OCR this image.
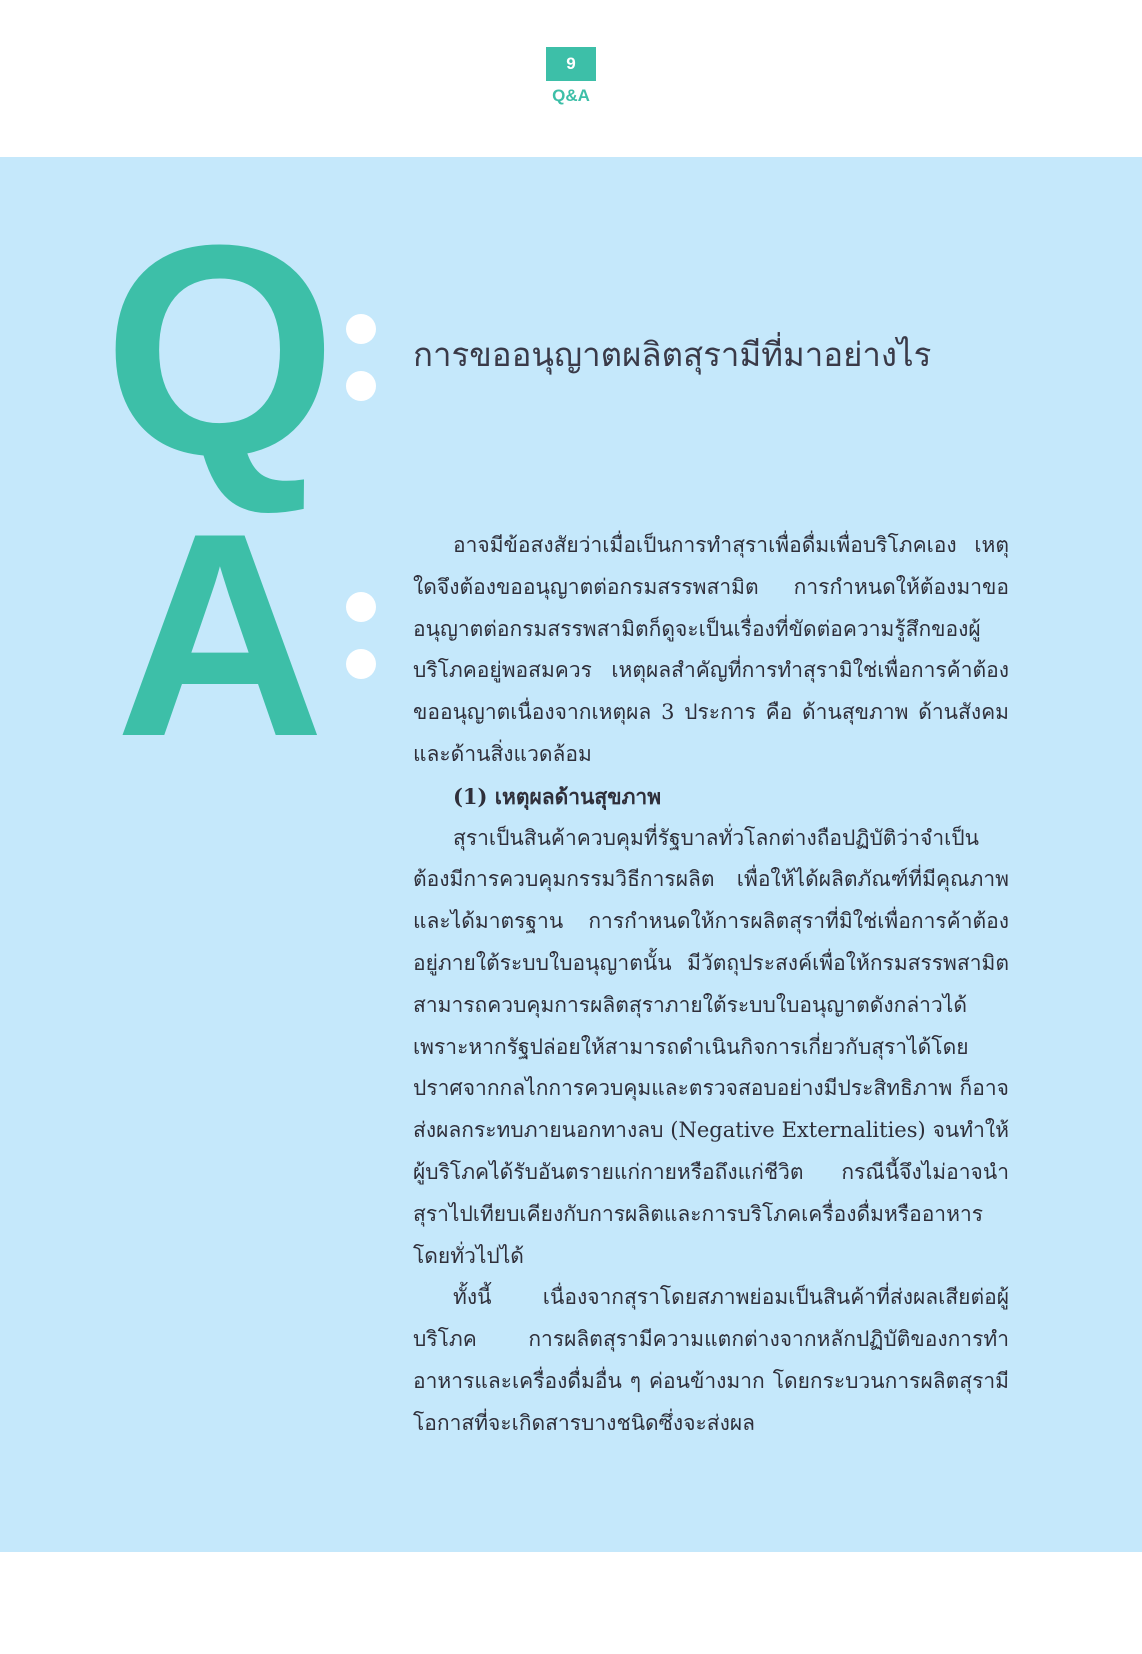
9
Q&A
Q การขออนุญาตผลิตสุรามีที่มาอย่างไร
A	อาจมีข้อสงสัยว่าเมื่อเป็นการทำสุราเพื่อดื่มเพื่อบริโภคเอง เหตุใดจึงต้องขออนุญาตต่อกรมสรรพสามิต การกำหนดให้ต้องมาขออนุญาตต่อกรมสรรพสามิตก็ดูจะเป็นเรื่องที่ขัดต่อความรู้สึกของผู้บริโภคอยู่พอสมควร เหตุผลสำคัญที่การทำสุรามิใช่เพื่อการค้าต้องขออนุญาตเนื่องจากเหตุผล 3 ประการ คือ ด้านสุขภาพ ด้านสังคม และด้านสิ่งแวดล้อม

(1) เหตุผลด้านสุขภาพ

สุราเป็นสินค้าควบคุมที่รัฐบาลทั่วโลกต่างถือปฏิบัติว่าจำเป็นต้องมีการควบคุมกรรมวิธีการผลิต เพื่อให้ได้ผลิตภัณฑ์ที่มีคุณภาพและได้มาตรฐาน การกำหนดให้การผลิตสุราที่มิใช่เพื่อการค้าต้องอยู่ภายใต้ระบบใบอนุญาตนั้น มีวัตถุประสงค์เพื่อให้กรมสรรพสามิตสามารถควบคุมการผลิตสุราภายใต้ระบบใบอนุญาตดังกล่าวได้ เพราะหากรัฐปล่อยให้สามารถดำเนินกิจการเกี่ยวกับสุราได้โดยปราศจากกลไกการควบคุมและตรวจสอบอย่างมีประสิทธิภาพ ก็อาจส่งผลกระทบภายนอกทางลบ (Negative Externalities) จนทำให้ผู้บริโภคได้รับอันตรายแก่กายหรือถึงแก่ชีวิต กรณีนี้จึงไม่อาจนำสุราไปเทียบเคียงกับการผลิตและการบริโภคเครื่องดื่มหรืออาหารโดยทั่วไปได้

ทั้งนี้ เนื่องจากสุราโดยสภาพย่อมเป็นสินค้าที่ส่งผลเสียต่อผู้บริโภค การผลิตสุรามีความแตกต่างจากหลักปฏิบัติของการทำอาหารและเครื่องดื่มอื่น ๆ ค่อนข้างมาก โดยกระบวนการผลิตสุรามีโอกาสที่จะเกิดสารบางชนิดซึ่งจะส่งผล
